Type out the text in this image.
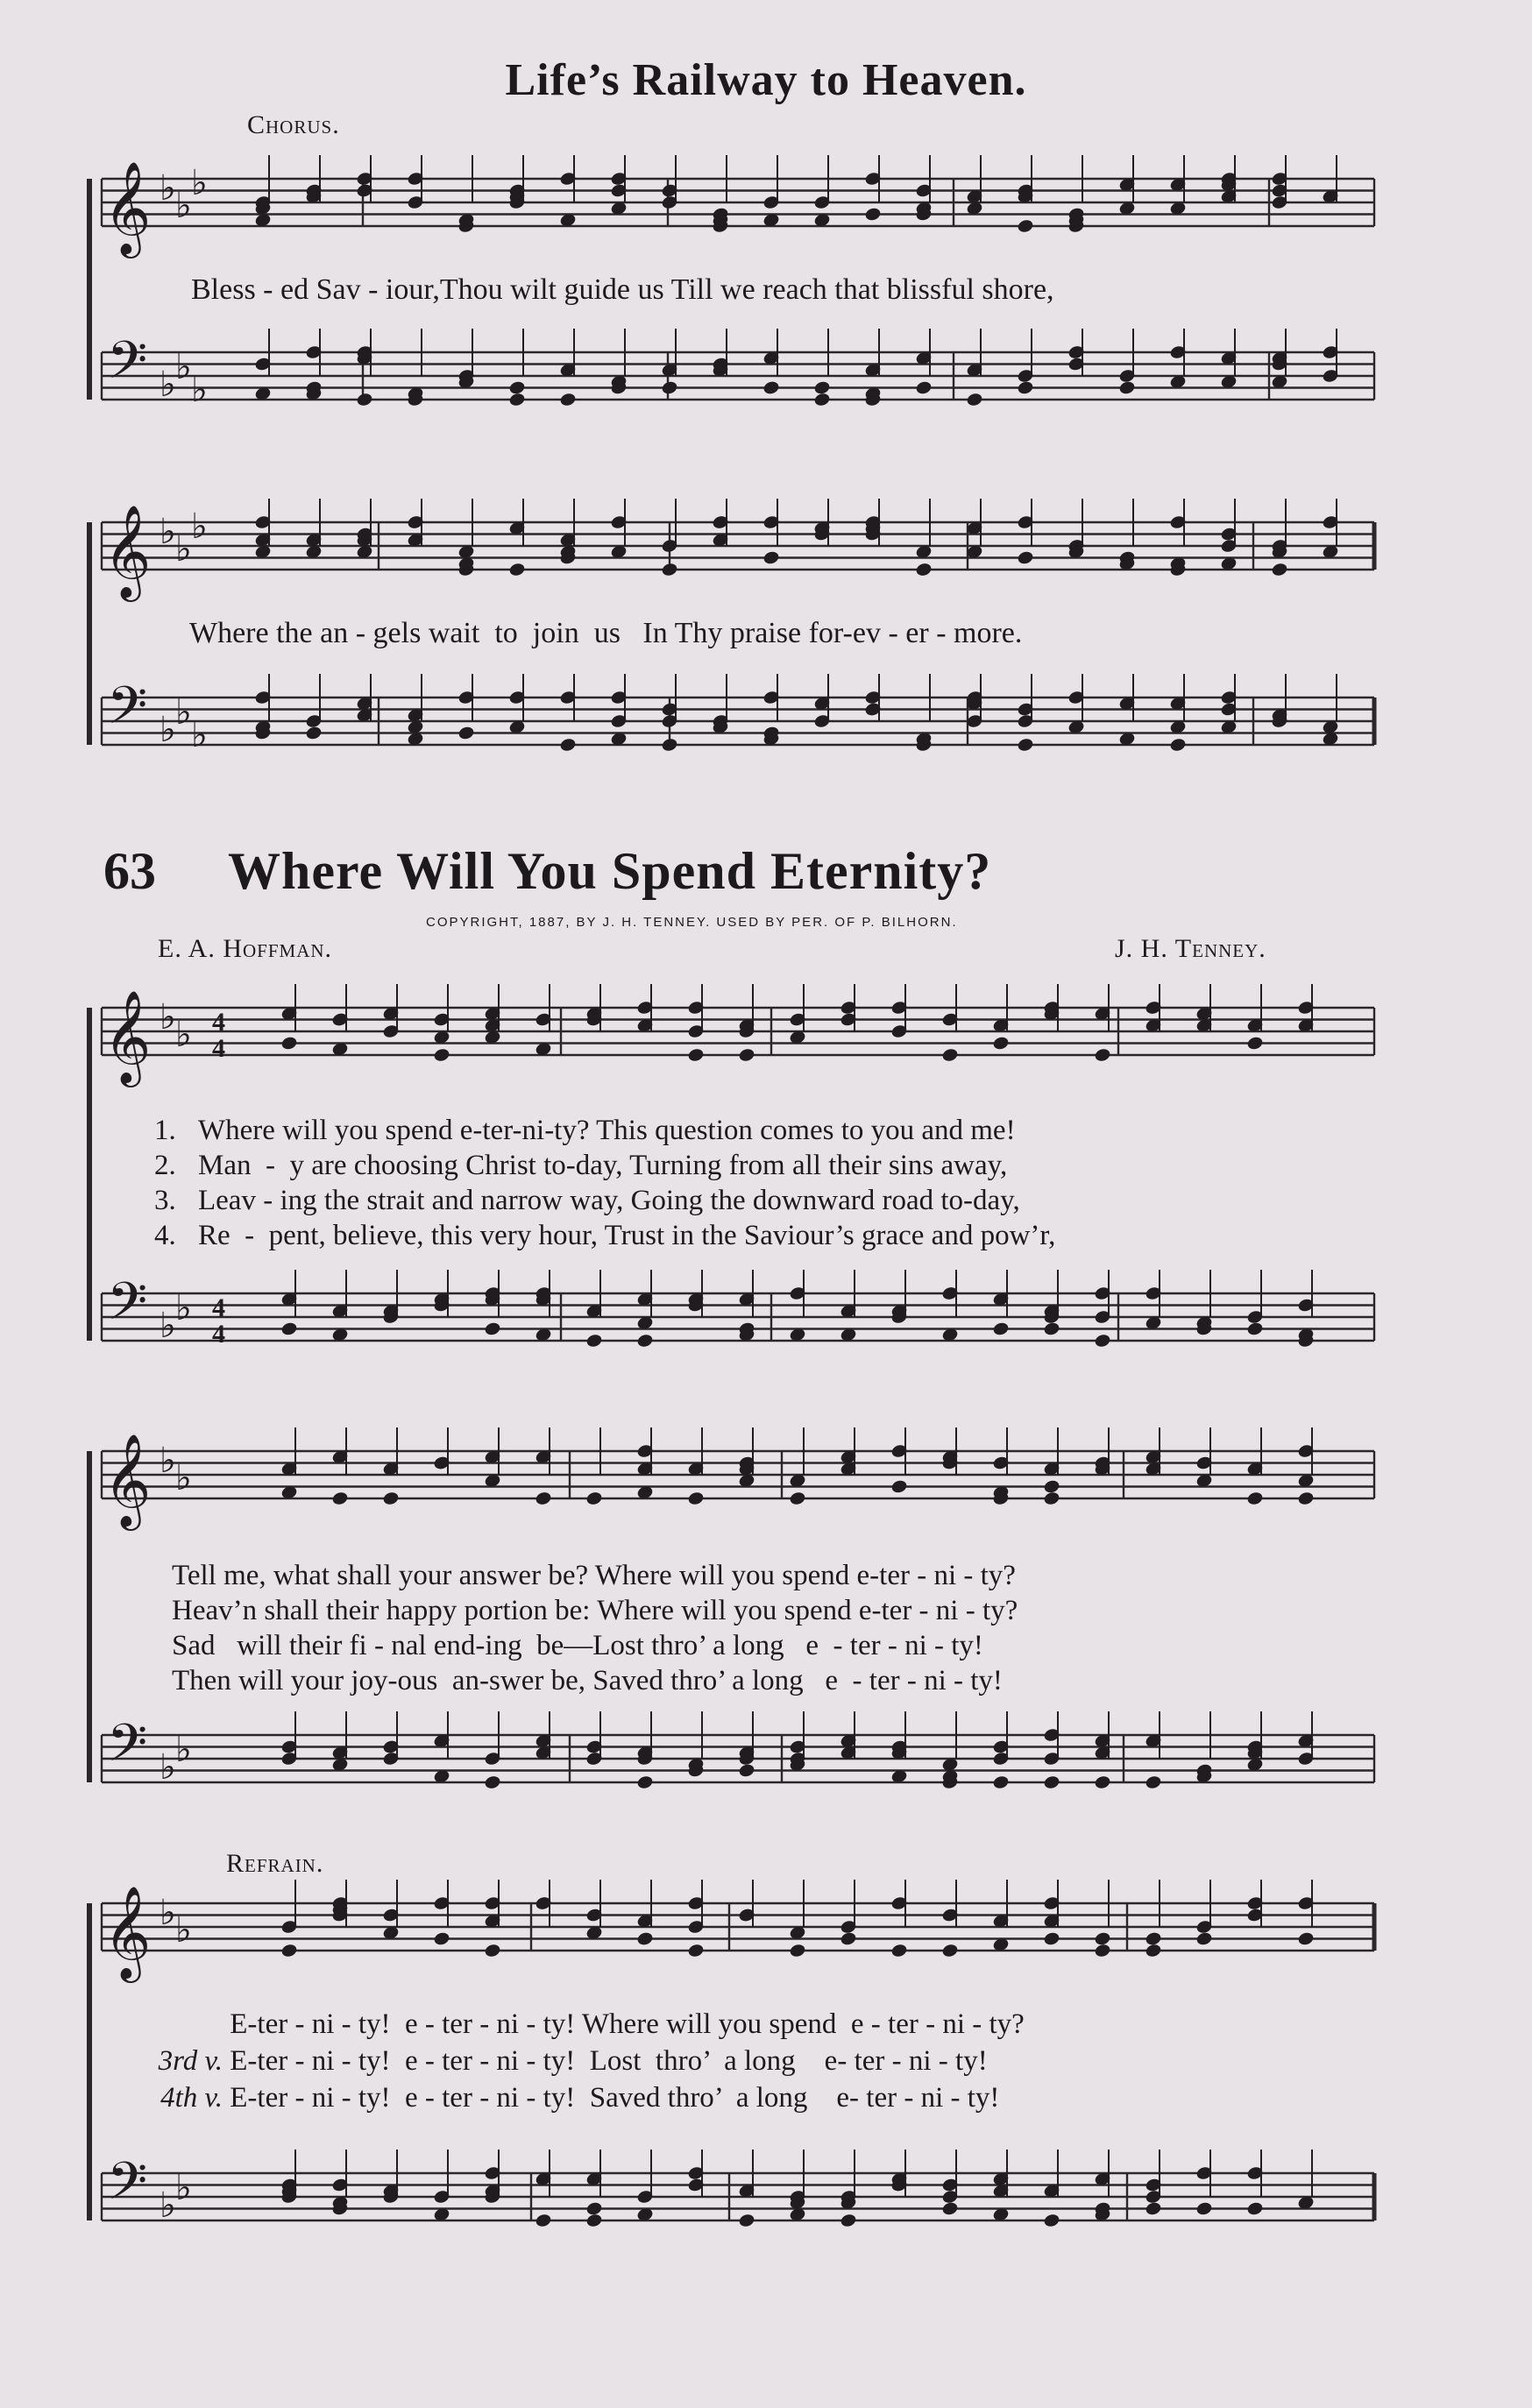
Life’s Railway to Heaven.
Chorus.
𝄞 ♭ ♭
♭
𝄢 ♭ ♭
♭
𝄞 ♭ ♭
♭
𝄢 ♭ ♭
♭
𝄞 ♭ ♭
𝄢 ♭ ♭
4
4
4
4
𝄞 ♭ ♭
𝄢 ♭ ♭
𝄞 ♭ ♭
𝄢 ♭ ♭
Bless - ed Sav - iour,Thou wilt guide us Till we reach that blissful shore,
Where the an - gels wait  to  join  us   In Thy praise for-ev - er - more.
63 Where Will You Spend Eternity?
COPYRIGHT, 1887, BY J. H. TENNEY. USED BY PER. OF P. BILHORN.
E. A. Hoffman.	J. H. Tenney.
1. Where will you spend e-ter-ni-ty? This question comes to you and me!
2. Man  -  y are choosing Christ to-day, Turning from all their sins away,
3. Leav - ing the strait and narrow way, Going the downward road to-day,
4. Re  -  pent, believe, this very hour, Trust in the Saviour’s grace and pow’r,
Tell me, what shall your answer be? Where will you spend e-ter - ni - ty?
Heav’n shall their happy portion be: Where will you spend e-ter - ni - ty?
Sad   will their fi - nal end-ing  be—Lost thro’ a long   e  - ter - ni - ty!
Then will your joy-ous  an-swer be, Saved thro’ a long   e  - ter - ni - ty!
Refrain.
E-ter - ni - ty!  e - ter - ni - ty! Where will you spend  e - ter - ni - ty?
3rd v. E-ter - ni - ty!  e - ter - ni - ty!  Lost  thro’  a long    e- ter - ni - ty!
4th v. E-ter - ni - ty!  e - ter - ni - ty!  Saved thro’  a long    e- ter - ni - ty!
